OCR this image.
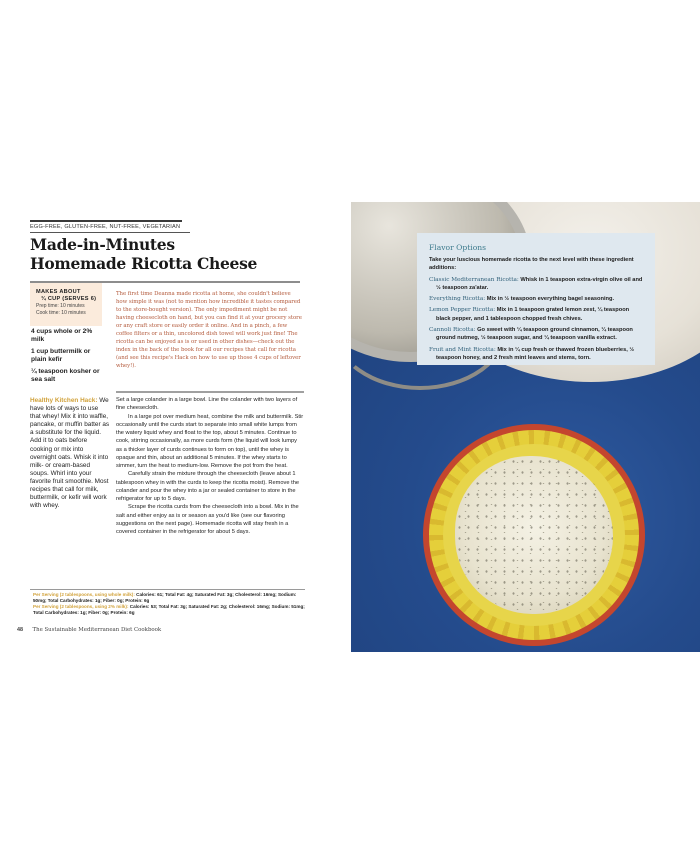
EGG-FREE, GLUTEN-FREE, NUT-FREE, VEGETARIAN
Made-in-Minutes
Homemade Ricotta Cheese
MAKES ABOUT
¾ CUP (SERVES 6)
Prep time: 10 minutes
Cook time: 10 minutes
4 cups whole or 2% milk
1 cup buttermilk or plain kefir
¼ teaspoon kosher or sea salt
The first time Deanna made ricotta at home, she couldn't believe how simple it was (not to mention how incredible it tastes compared to the store-bought version). The only impediment might be not having cheesecloth on hand, but you can find it at your grocery store or any craft store or easily order it online. And in a pinch, a few coffee filters or a thin, uncolored dish towel will work just fine! The ricotta can be enjoyed as is or used in other dishes—check out the index in the back of the book for all our recipes that call for ricotta (and see this recipe's Hack on how to use up those 4 cups of leftover whey!).
Healthy Kitchen Hack: We have lots of ways to use that whey! Mix it into waffle, pancake, or muffin batter as a substitute for the liquid. Add it to oats before cooking or mix into overnight oats. Whisk it into milk- or cream-based soups. Whirl into your favorite fruit smoothie. Most recipes that call for milk, buttermilk, or kefir will work with whey.

Set a large colander in a large bowl. Line the colander with two layers of fine cheesecloth.

In a large pot over medium heat, combine the milk and buttermilk. Stir occasionally until the curds start to separate into small white lumps from the watery liquid whey and float to the top, about 5 minutes. Continue to cook, stirring occasionally, as more curds form (the liquid will look lumpy as a thicker layer of curds continues to form on top), until the whey is opaque and thin, about an additional 5 minutes. If the whey starts to simmer, turn the heat to medium-low. Remove the pot from the heat.

Carefully strain the mixture through the cheesecloth (leave about 1 tablespoon whey in with the curds to keep the ricotta moist). Remove the colander and pour the whey into a jar or sealed container to store in the refrigerator for up to 5 days.

Scrape the ricotta curds from the cheesecloth into a bowl. Mix in the salt and either enjoy as is or season as you'd like (see our flavoring suggestions on the next page). Homemade ricotta will stay fresh in a covered container in the refrigerator for about 5 days.

Per Serving (2 tablespoons, using whole milk): Calories: 61; Total Fat: 4g; Saturated Fat: 3g; Cholesterol: 16mg; Sodium: 50mg; Total Carbohydrates: 1g; Fiber: 0g; Protein: 6g
Per Serving (2 tablespoons, using 2% milk): Calories: 53; Total Fat: 3g; Saturated Fat: 2g; Cholesterol: 16mg; Sodium: 51mg; Total Carbohydrates: 1g; Fiber: 0g; Protein: 6g
48 The Sustainable Mediterranean Diet Cookbook
Flavor Options
Take your luscious homemade ricotta to the next level with these ingredient additions:
Classic Mediterranean Ricotta: Whisk in 1 teaspoon extra-virgin olive oil and ½ teaspoon za'atar.
Everything Ricotta: Mix in ½ teaspoon everything bagel seasoning.
Lemon Pepper Ricotta: Mix in 1 teaspoon grated lemon zest, ¼ teaspoon black pepper, and 1 tablespoon chopped fresh chives.
Cannoli Ricotta: Go sweet with ¼ teaspoon ground cinnamon, ¼ teaspoon ground nutmeg, ½ teaspoon sugar, and ¼ teaspoon vanilla extract.
Fruit and Mint Ricotta: Mix in ¼ cup fresh or thawed frozen blueberries, ½ teaspoon honey, and 2 fresh mint leaves and stems, torn.
